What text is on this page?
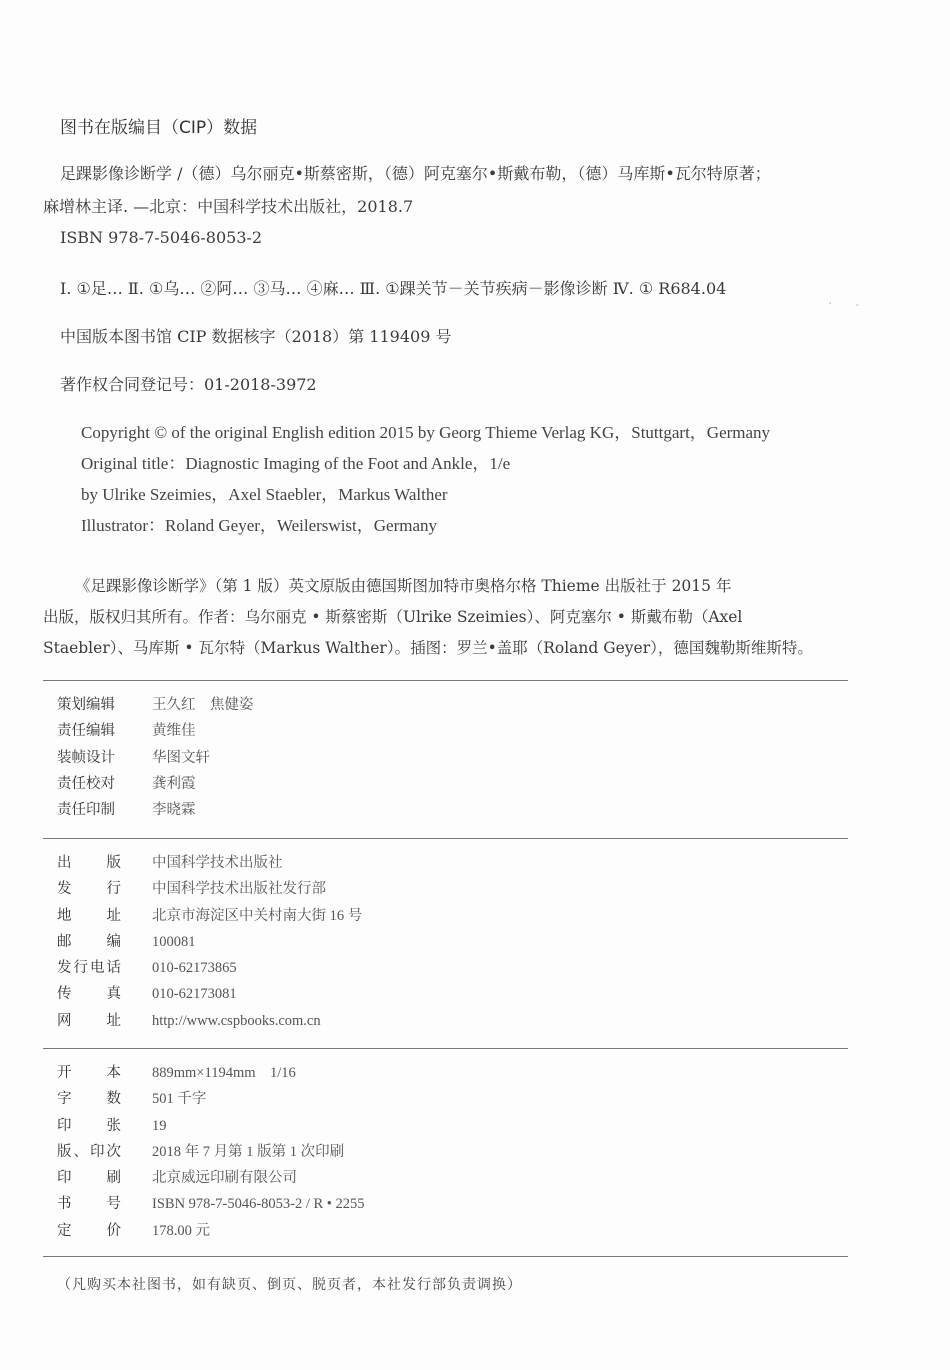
图书在版编目（CIP）数据
足踝影像诊断学 /（德）乌尔丽克•斯蔡密斯，（德）阿克塞尔•斯戴布勒，（德）马库斯•瓦尔特原著；
麻增林主译. —北京：中国科学技术出版社，2018.7
ISBN 978-7-5046-8053-2
Ⅰ. ①足… Ⅱ. ①乌… ②阿… ③马… ④麻… Ⅲ. ①踝关节－关节疾病－影像诊断 Ⅳ. ① R684.04
中国版本图书馆 CIP 数据核字（2018）第 119409 号
著作权合同登记号：01-2018-3972
Copyright © of the original English edition 2015 by Georg Thieme Verlag KG，Stuttgart，Germany
Original title：Diagnostic Imaging of the Foot and Ankle，1/e
by Ulrike Szeimies，Axel Staebler，Markus Walther
Illustrator：Roland Geyer，Weilerswist，Germany
《足踝影像诊断学》（第 1 版）英文原版由德国斯图加特市奥格尔格 Thieme 出版社于 2015 年
出版，版权归其所有。作者：乌尔丽克 • 斯蔡密斯（Ulrike Szeimies）、阿克塞尔 • 斯戴布勒（Axel
Staebler）、马库斯 • 瓦尔特（Markus Walther）。插图：罗兰•盖耶（Roland Geyer），德国魏勒斯维斯特。
策划编辑	王久红　焦健姿
责任编辑	黄维佳
装帧设计	华图文轩
责任校对	龚利霞
责任印制	李晓霖
出版 中国科学技术出版社
发行 中国科学技术出版社发行部
地址 北京市海淀区中关村南大街 16 号
邮编 100081
发行电话 010-62173865
传真 010-62173081
网址 http://www.cspbooks.com.cn
开本 889mm×1194mm　1/16
字数 501 千字
印张 19
版、印次 2018 年 7 月第 1 版第 1 次印刷
印刷 北京威远印刷有限公司
书号 ISBN 978-7-5046-8053-2 / R • 2255
定价 178.00 元
（凡购买本社图书，如有缺页、倒页、脱页者，本社发行部负责调换）
· ·
